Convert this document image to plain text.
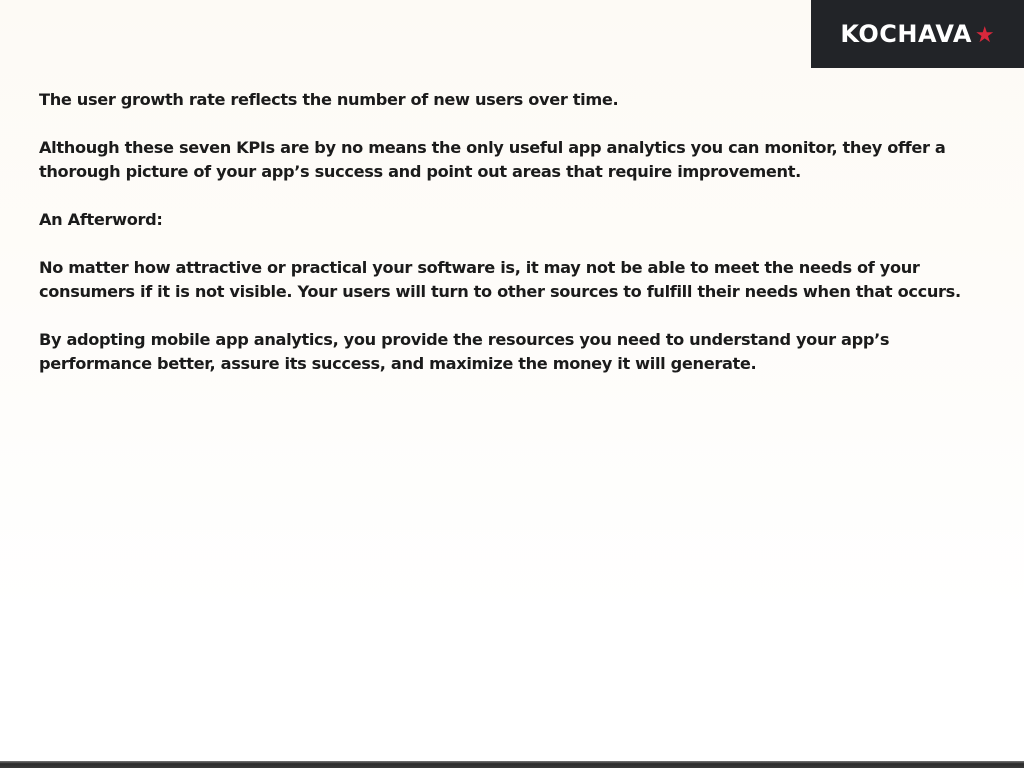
KOCHAVA ★

The user growth rate reflects the number of new users over time.

Although these seven KPIs are by no means the only useful app analytics you can monitor, they offer a thorough picture of your app’s success and point out areas that require improvement.

An Afterword:

No matter how attractive or practical your software is, it may not be able to meet the needs of your consumers if it is not visible. Your users will turn to other sources to fulfill their needs when that occurs.

By adopting mobile app analytics, you provide the resources you need to understand your app’s performance better, assure its success, and maximize the money it will generate.
